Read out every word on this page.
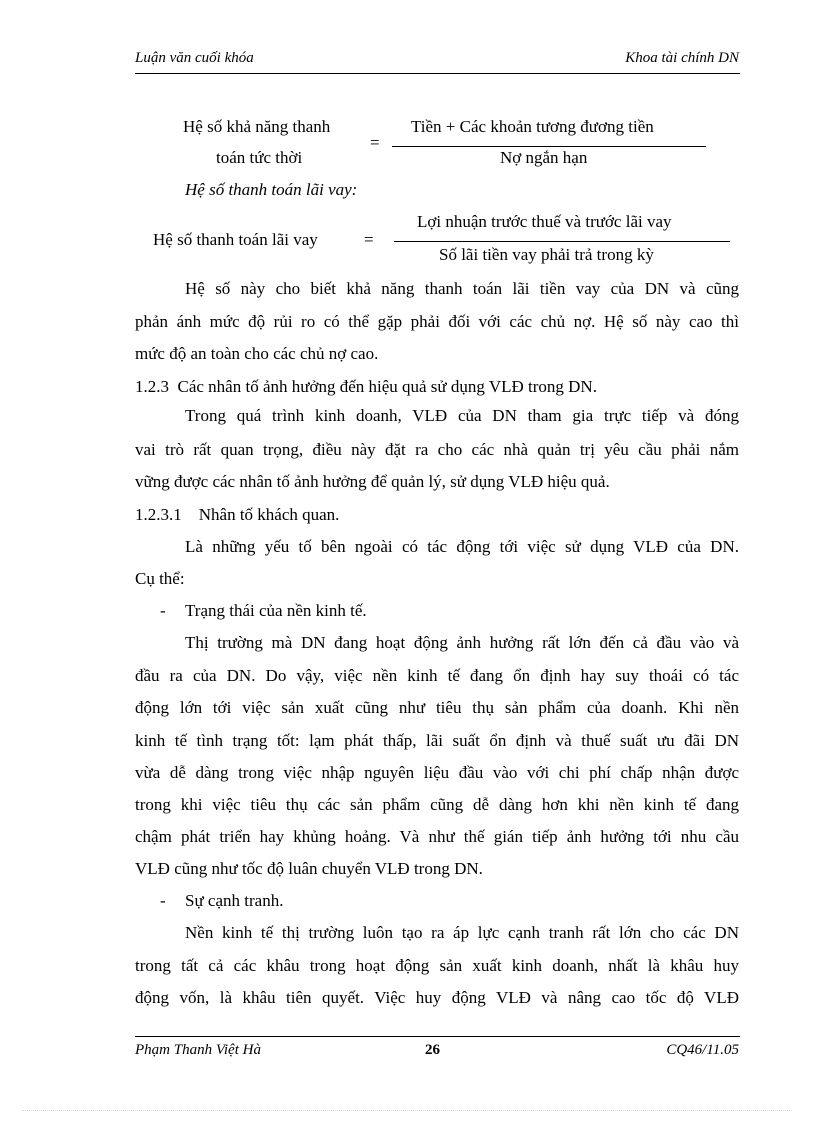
Luận văn cuối khóa	Khoa tài chính DN
Hệ số khả năng thanh
toán tức thời
=
Tiền + Các khoản tương đương tiền
Nợ ngắn hạn
Hệ số thanh toán lãi vay:
Hệ số thanh toán lãi vay	=
Lợi nhuận trước thuế và trước lãi vay
Số lãi tiền vay phải trả trong kỳ
Hệ số này cho biết khả năng thanh toán lãi tiền vay của DN và cũng
phản ánh mức độ rủi ro có thể gặp phải đối với các chủ nợ. Hệ số này cao thì
mức độ an toàn cho các chủ nợ cao.
1.2.3  Các nhân tố ảnh hưởng đến hiệu quả sử dụng VLĐ trong DN.
Trong quá trình kinh doanh, VLĐ của DN tham gia trực tiếp và đóng
vai trò rất quan trọng, điều này đặt ra cho các nhà quản trị yêu cầu phải nắm
vững được các nhân tố ảnh hưởng để quản lý, sử dụng VLĐ hiệu quả.
1.2.3.1    Nhân tố khách quan.
Là những yếu tố bên ngoài có tác động tới việc sử dụng VLĐ của DN.
Cụ thể:
- Trạng thái của nền kinh tế.
Thị trường mà DN đang hoạt động ảnh hưởng rất lớn đến cả đầu vào và
đầu ra của DN. Do vậy, việc nền kinh tế đang ổn định hay suy thoái có tác
động lớn tới việc sản xuất cũng như tiêu thụ sản phẩm của doanh. Khi nền
kinh tế tình trạng tốt: lạm phát thấp, lãi suất ổn định và thuế suất ưu đãi DN
vừa dễ dàng trong việc nhập nguyên liệu đầu vào với chi phí chấp nhận được
trong khi việc tiêu thụ các sản phẩm cũng dễ dàng hơn khi nền kinh tế đang
chậm phát triển hay khủng hoảng. Và như thế gián tiếp ảnh hưởng tới nhu cầu
VLĐ cũng như tốc độ luân chuyển VLĐ trong DN.
- Sự cạnh tranh.
Nền kinh tế thị trường luôn tạo ra áp lực cạnh tranh rất lớn cho các DN
trong tất cả các khâu trong hoạt động sản xuất kinh doanh, nhất là khâu huy
động vốn, là khâu tiên quyết. Việc huy động VLĐ và nâng cao tốc độ VLĐ
Phạm Thanh Việt Hà	26	CQ46/11.05
